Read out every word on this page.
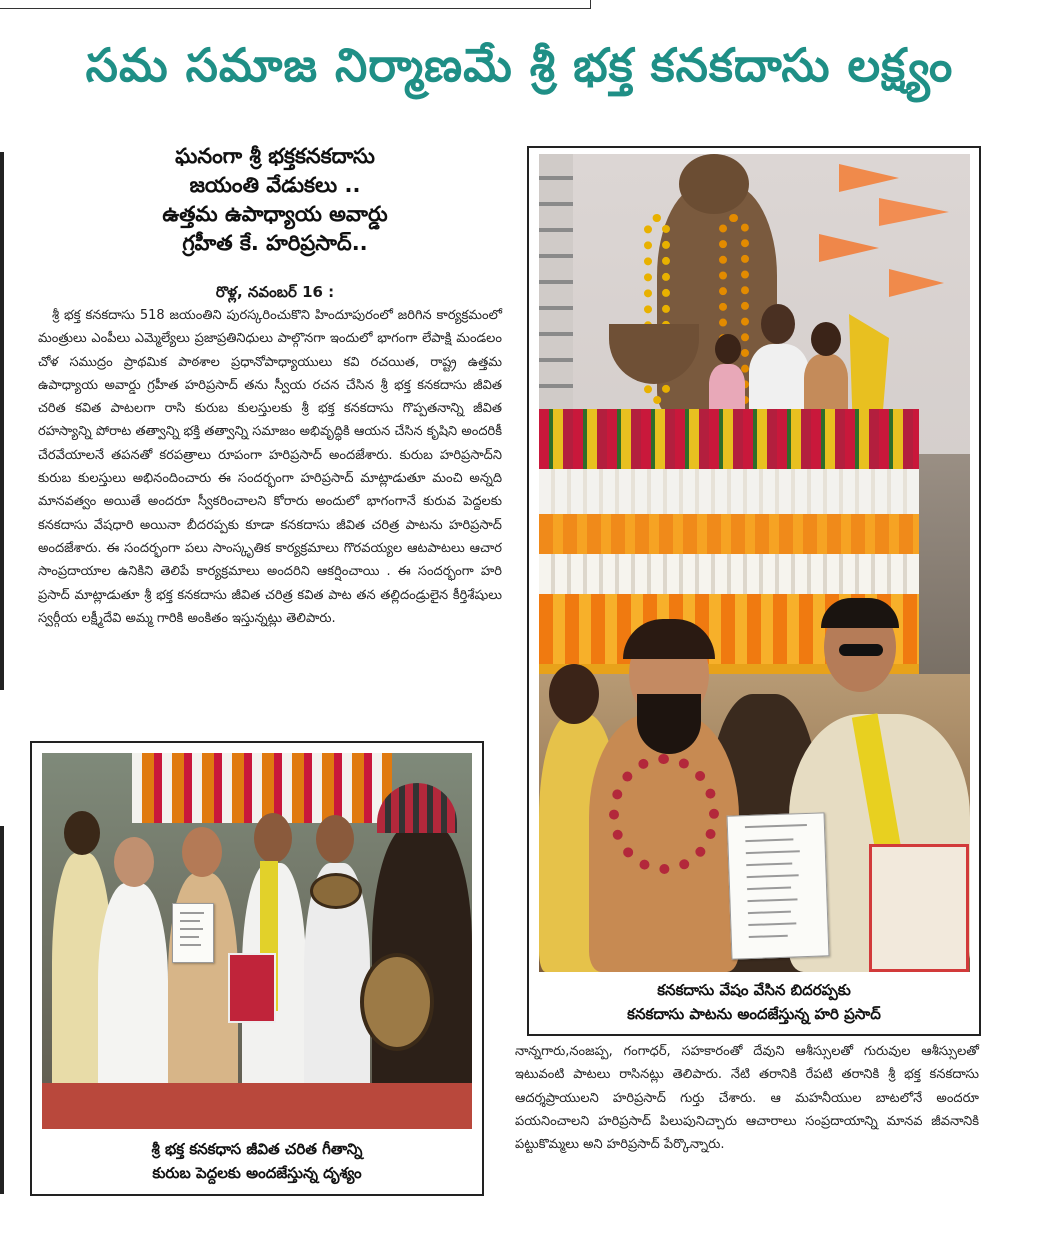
సమ సమాజ నిర్మాణమే శ్రీ భక్త కనకదాసు లక్ష్యం
ఘనంగా శ్రీ భక్తకనకదాసు
జయంతి వేడుకలు ..
ఉత్తమ ఉపాధ్యాయ అవార్డు
గ్రహీత కే. హరిప్రసాద్..
రొళ్ల, నవంబర్ 16 :

శ్రీ భక్త కనకదాసు 518 జయంతిని పురస్కరించుకొని హిందూపురంలో జరిగిన కార్యక్రమంలో మంత్రులు ఎంపీలు ఎమ్మెల్యేలు ప్రజాప్రతినిధులు పాల్గొనగా ఇందులో భాగంగా లేపాక్షి మండలం చోళ సముద్రం ప్రాథమిక పాఠశాల ప్రధానోపాధ్యాయులు కవి రచయిత, రాష్ట్ర ఉత్తమ ఉపాధ్యాయ అవార్డు గ్రహీత హరిప్రసాద్ తను స్వీయ రచన చేసిన శ్రీ భక్త కనకదాసు జీవిత చరిత కవిత పాటలగా రాసి కురుబ కులస్తులకు శ్రీ భక్త కనకదాసు గొప్పతనాన్ని జీవిత రహస్యాన్ని పోరాట తత్వాన్ని భక్తి తత్వాన్ని సమాజం అభివృద్ధికి ఆయన చేసిన కృషిని అందరికీ చేరవేయాలనే తపనతో కరపత్రాలు రూపంగా హరిప్రసాద్ అందజేశారు. కురుబ హరిప్రసాద్‌ని కురుబ కులస్తులు అభినందించారు ఈ సందర్భంగా హరిప్రసాద్ మాట్లాడుతూ మంచి అన్నది మానవత్వం అయితే అందరూ స్వీకరించాలని కోరారు అందులో భాగంగానే కురువ పెద్దలకు కనకదాసు వేషధారి అయినా బీదరప్పకు కూడా కనకదాసు జీవిత చరిత్ర పాటను హరిప్రసాద్ అందజేశారు. ఈ సందర్భంగా పలు సాంస్కృతిక కార్యక్రమాలు గొరవయ్యల ఆటపాటలు ఆచార సాంప్రదాయాల ఉనికిని తెలిపే కార్యక్రమాలు అందరిని ఆకర్షించాయి . ఈ సందర్భంగా హరి ప్రసాద్ మాట్లాడుతూ శ్రీ భక్త కనకదాసు జీవిత చరిత్ర కవిత పాట తన తల్లిదండ్రులైన కీర్తిశేషులు స్వర్గీయ లక్ష్మీదేవి అమ్మ గారికి అంకితం ఇస్తున్నట్లు తెలిపారు.

కనకదాసు వేషం వేసిన బిదరప్పకు
కనకదాసు పాటను అందజేస్తున్న హరి ప్రసాద్
శ్రీ భక్త కనకధాస జీవిత చరిత గీతాన్ని
కురుబ పెద్దలకు అందజేస్తున్న దృశ్యం

నాన్నగారు,నంజప్ప, గంగాధర్, సహకారంతో దేవుని ఆశీస్సులతో గురువుల ఆశీస్సులతో ఇటువంటి పాటలు రాసినట్లు తెలిపారు. నేటి తరానికి రేపటి తరానికి శ్రీ భక్త కనకదాసు ఆదర్శప్రాయులని హరిప్రసాద్ గుర్తు చేశారు. ఆ మహనీయుల బాటలోనే అందరూ పయనించాలని హరిప్రసాద్ పిలుపునిచ్చారు ఆచారాలు సంప్రదాయాన్ని మానవ జీవనానికి పట్టుకొమ్మలు అని హరిప్రసాద్ పేర్కొన్నారు.
